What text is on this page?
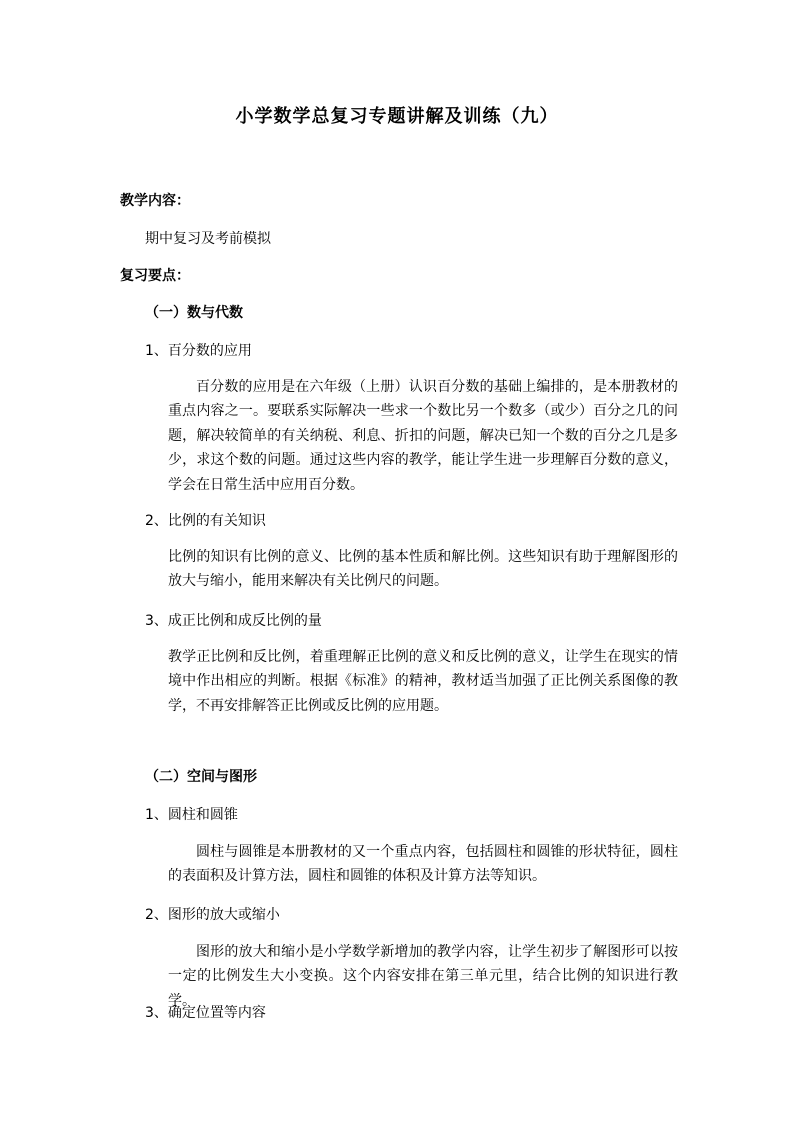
小学数学总复习专题讲解及训练（九）
教学内容：
期中复习及考前模拟
复习要点：
（一）数与代数
1、百分数的应用
百分数的应用是在六年级（上册）认识百分数的基础上编排的，是本册教材的重点内容之一。要联系实际解决一些求一个数比另一个数多（或少）百分之几的问题，解决较简单的有关纳税、利息、折扣的问题，解决已知一个数的百分之几是多少，求这个数的问题。通过这些内容的教学，能让学生进一步理解百分数的意义，学会在日常生活中应用百分数。
2、比例的有关知识
比例的知识有比例的意义、比例的基本性质和解比例。这些知识有助于理解图形的放大与缩小，能用来解决有关比例尺的问题。
3、成正比例和成反比例的量
教学正比例和反比例，着重理解正比例的意义和反比例的意义，让学生在现实的情境中作出相应的判断。根据《标准》的精神，教材适当加强了正比例关系图像的教学，不再安排解答正比例或反比例的应用题。
（二）空间与图形
1、圆柱和圆锥
圆柱与圆锥是本册教材的又一个重点内容，包括圆柱和圆锥的形状特征，圆柱的表面积及计算方法，圆柱和圆锥的体积及计算方法等知识。
2、图形的放大或缩小
图形的放大和缩小是小学数学新增加的教学内容，让学生初步了解图形可以按一定的比例发生大小变换。这个内容安排在第三单元里，结合比例的知识进行教学。
3、确定位置等内容
